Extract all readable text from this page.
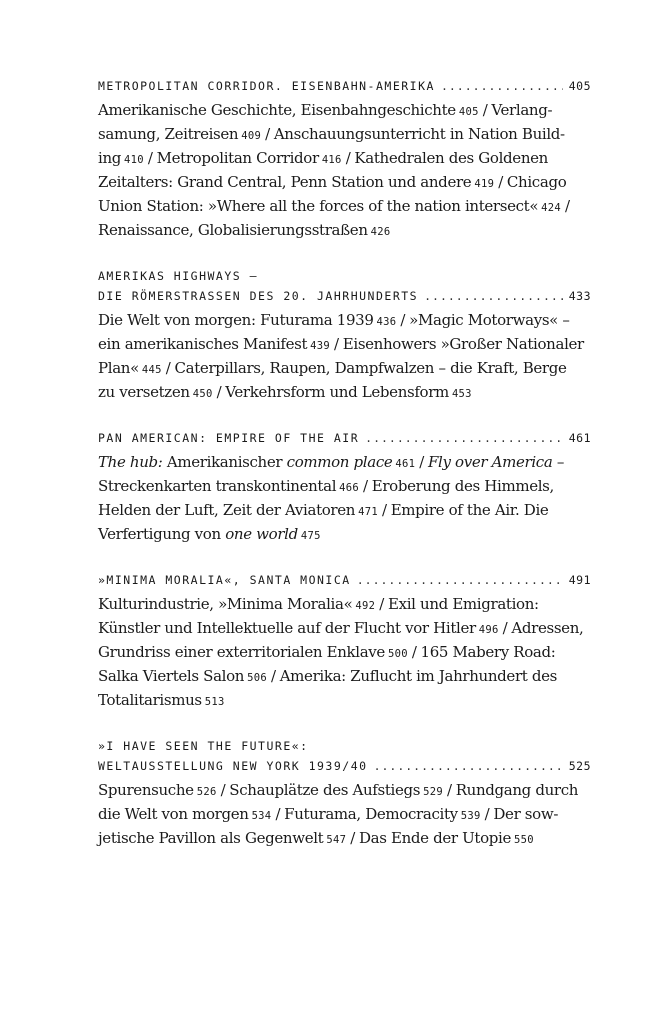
METROPOLITAN CORRIDOR. EISENBAHN-AMERIKA .....	405
Amerikanische Geschichte, Eisenbahngeschichte 405 / Verlang-
samung, Zeitreisen 409 / Anschauungsunterricht in Nation Build-
ing 410 / Metropolitan Corridor 416 / Kathedralen des Goldenen
Zeitalters: Grand Central, Penn Station und andere 419 / Chicago
Union Station: »Where all the forces of the nation intersect« 424 /
Renaissance, Globalisierungsstraßen 426
AMERIKAS HIGHWAYS –
DIE RÖMERSTRASSEN DES 20. JAHRHUNDERTS .....	433
Die Welt von morgen: Futurama 1939 436 / »Magic Motorways« –
ein amerikanisches Manifest 439 / Eisenhowers »Großer Nationaler
Plan« 445 / Caterpillars, Raupen, Dampfwalzen – die Kraft, Berge
zu versetzen 450 / Verkehrsform und Lebensform 453
PAN AMERICAN: EMPIRE OF THE AIR .....	461
The hub: Amerikanischer common place 461 / Fly over America –
Streckenkarten transkontinental 466 / Eroberung des Himmels,
Helden der Luft, Zeit der Aviatoren 471 / Empire of the Air. Die
Verfertigung von one world 475
»MINIMA MORALIA«, SANTA MONICA .....	491
Kulturindustrie, »Minima Moralia« 492 / Exil und Emigration:
Künstler und Intellektuelle auf der Flucht vor Hitler 496 / Adressen,
Grundriss einer exterritorialen Enklave 500 / 165 Mabery Road:
Salka Viertels Salon 506 / Amerika: Zuflucht im Jahrhundert des
Totalitarismus 513
»I HAVE SEEN THE FUTURE«:
WELTAUSSTELLUNG NEW YORK 1939/40 .....	525
Spurensuche 526 / Schauplätze des Aufstiegs 529 / Rundgang durch
die Welt von morgen 534 / Futurama, Democracity 539 / Der sow-
jetische Pavillon als Gegenwelt 547 / Das Ende der Utopie 550
